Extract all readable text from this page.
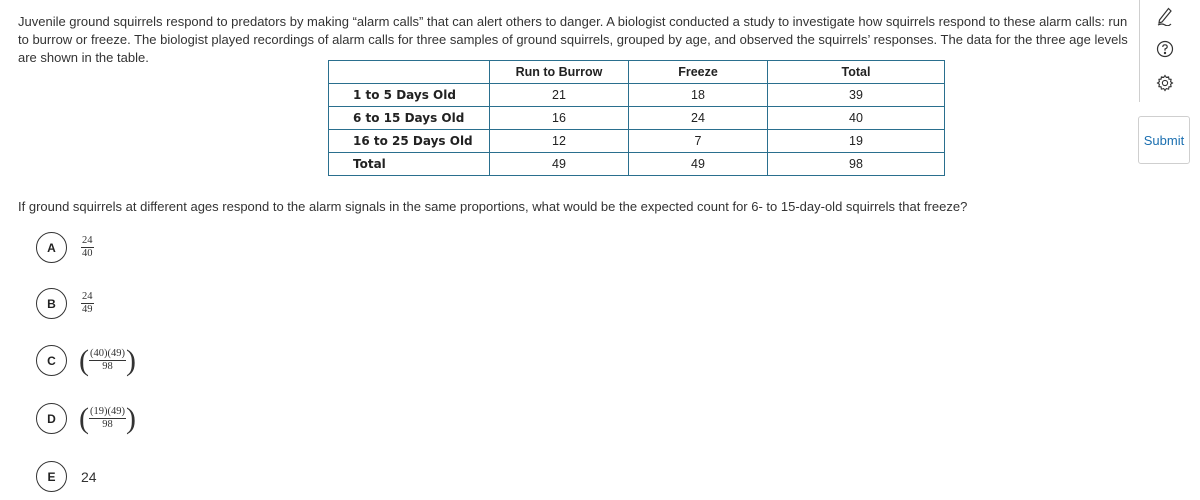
Juvenile ground squirrels respond to predators by making “alarm calls” that can alert others to danger. A biologist conducted a study to investigate how squirrels respond to these alarm calls: run to burrow or freeze. The biologist played recordings of alarm calls for three samples of ground squirrels, grouped by age, and observed the squirrels’ responses. The data for the three age levels are shown in the table.
	Run to Burrow	Freeze	Total
1 to 5 Days Old	21	18	39
6 to 15 Days Old	16	24	40
16 to 25 Days Old	12	7	19
Total	49	49	98
If ground squirrels at different ages respond to the alarm signals in the same proportions, what would be the expected count for 6- to 15-day-old squirrels that freeze?
A	$\frac{24}{40}$
B	$\frac{24}{49}$
C ( $\frac{(40)(49)}{98}$ )
D ( $\frac{(19)(49)}{98}$ )
E	24
Submit
